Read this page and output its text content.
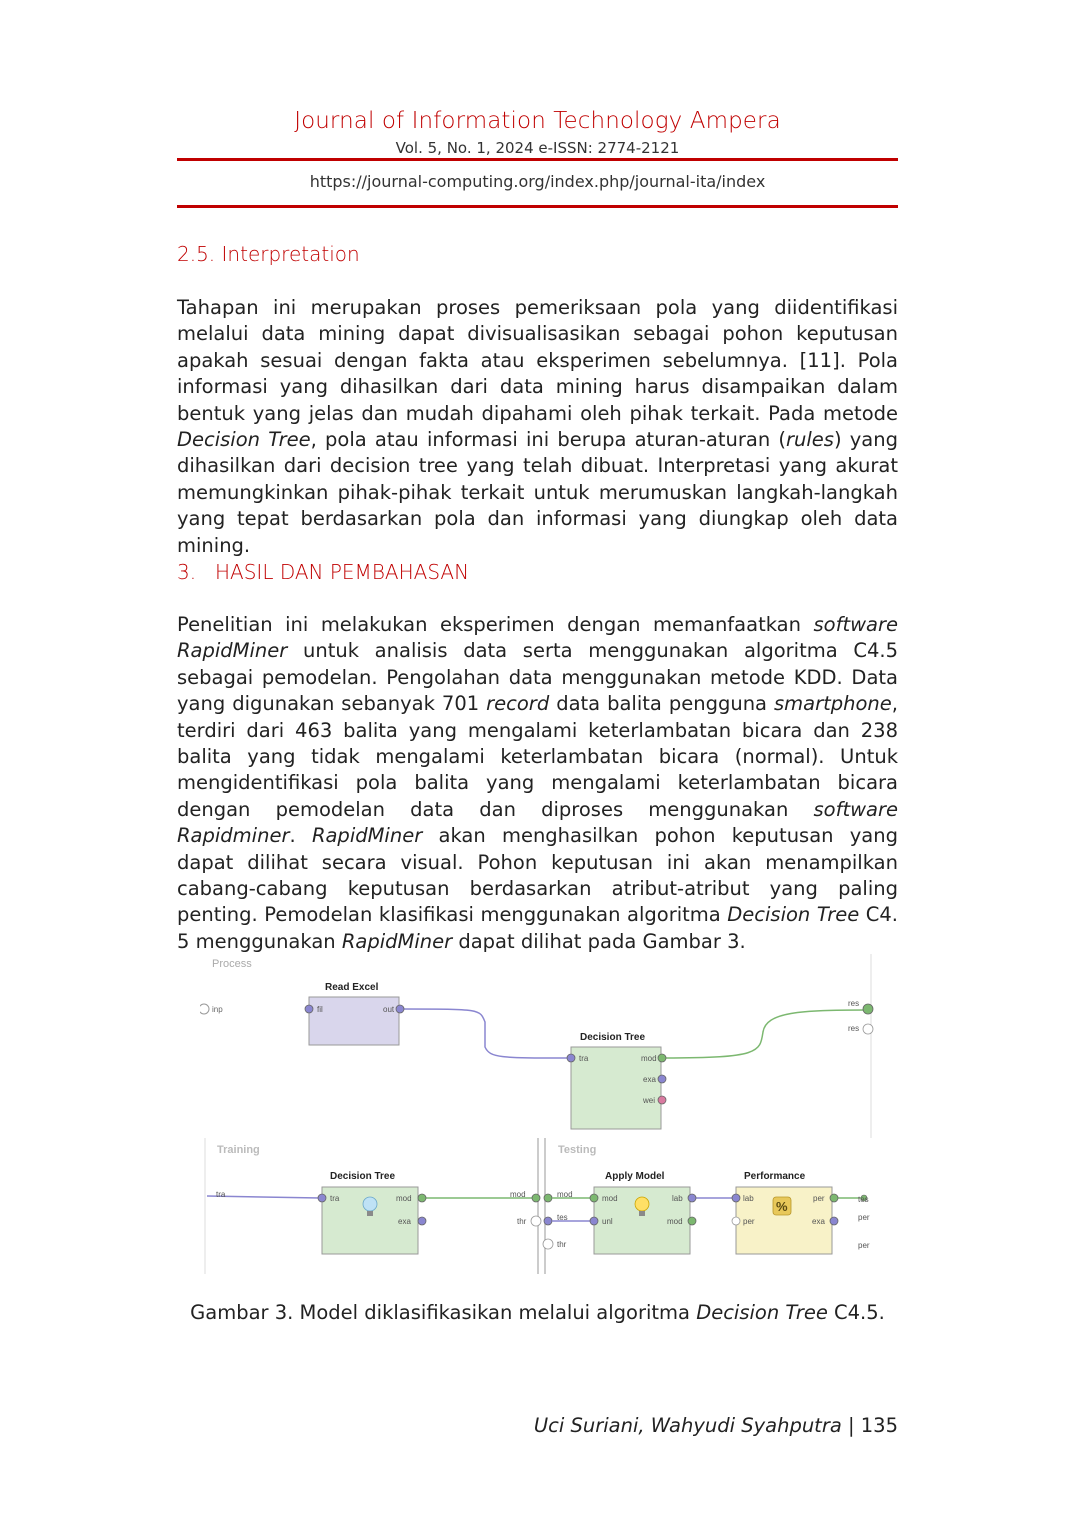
Journal of Information Technology Ampera
Vol. 5, No. 1, 2024 e-ISSN: 2774-2121
https://journal-computing.org/index.php/journal-ita/index
2.5. Interpretation
Tahapan ini merupakan proses pemeriksaan pola yang diidentifikasi melalui data mining dapat divisualisasikan sebagai pohon keputusan apakah sesuai dengan fakta atau eksperimen sebelumnya. [11]. Pola informasi yang dihasilkan dari data mining harus disampaikan dalam bentuk yang jelas dan mudah dipahami oleh pihak terkait. Pada metode Decision Tree, pola atau informasi ini berupa aturan-aturan (rules) yang dihasilkan dari decision tree yang telah dibuat. Interpretasi yang akurat memungkinkan pihak-pihak terkait untuk merumuskan langkah-langkah yang tepat berdasarkan pola dan informasi yang diungkap oleh data mining.
3. HASIL DAN PEMBAHASAN
Penelitian ini melakukan eksperimen dengan memanfaatkan software RapidMiner untuk analisis data serta menggunakan algoritma C4.5 sebagai pemodelan. Pengolahan data menggunakan metode KDD. Data yang digunakan sebanyak 701 record data balita pengguna smartphone, terdiri dari 463 balita yang mengalami keterlambatan bicara dan 238 balita yang tidak mengalami keterlambatan bicara (normal). Untuk mengidentifikasi pola balita yang mengalami keterlambatan bicara dengan pemodelan data dan diproses menggunakan software Rapidminer. RapidMiner akan menghasilkan pohon keputusan yang dapat dilihat secara visual. Pohon keputusan ini akan menampilkan cabang-cabang keputusan berdasarkan atribut-atribut yang paling penting. Pemodelan klasifikasi menggunakan algoritma Decision Tree C4. 5 menggunakan RapidMiner dapat dilihat pada Gambar 3.
Process
inp
Read Excel
fil	out
Decision Tree
tra	mod
exa
wei
res
res
Training	Testing
tra
Decision Tree
tra	mod
exa
mod
thr
mod
tes
thr
Apply Model
mod
unl
lab
mod
Performance
lab
per
per
exa
%	tes
per
per
Gambar 3. Model diklasifikasikan melalui algoritma Decision Tree C4.5.
Uci Suriani, Wahyudi Syahputra | 135
